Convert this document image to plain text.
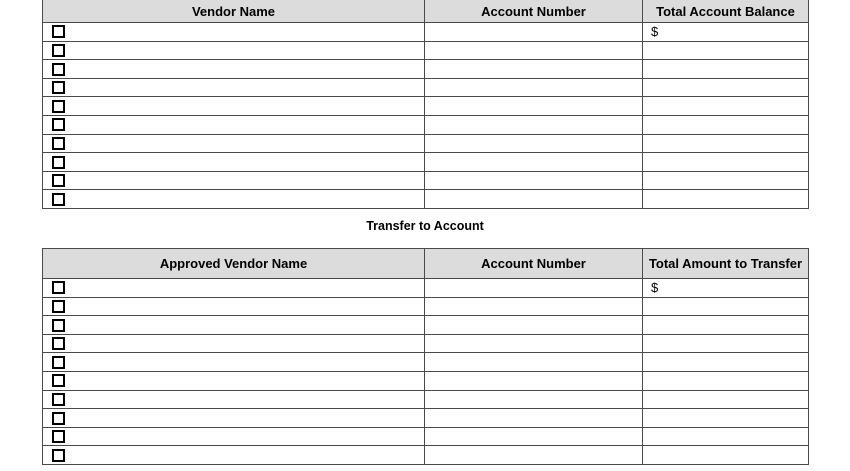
Vendor Name	Account Number	Total Account Balance
		$

Transfer to Account
Approved Vendor Name	Account Number	Total Amount to Transfer
		$
